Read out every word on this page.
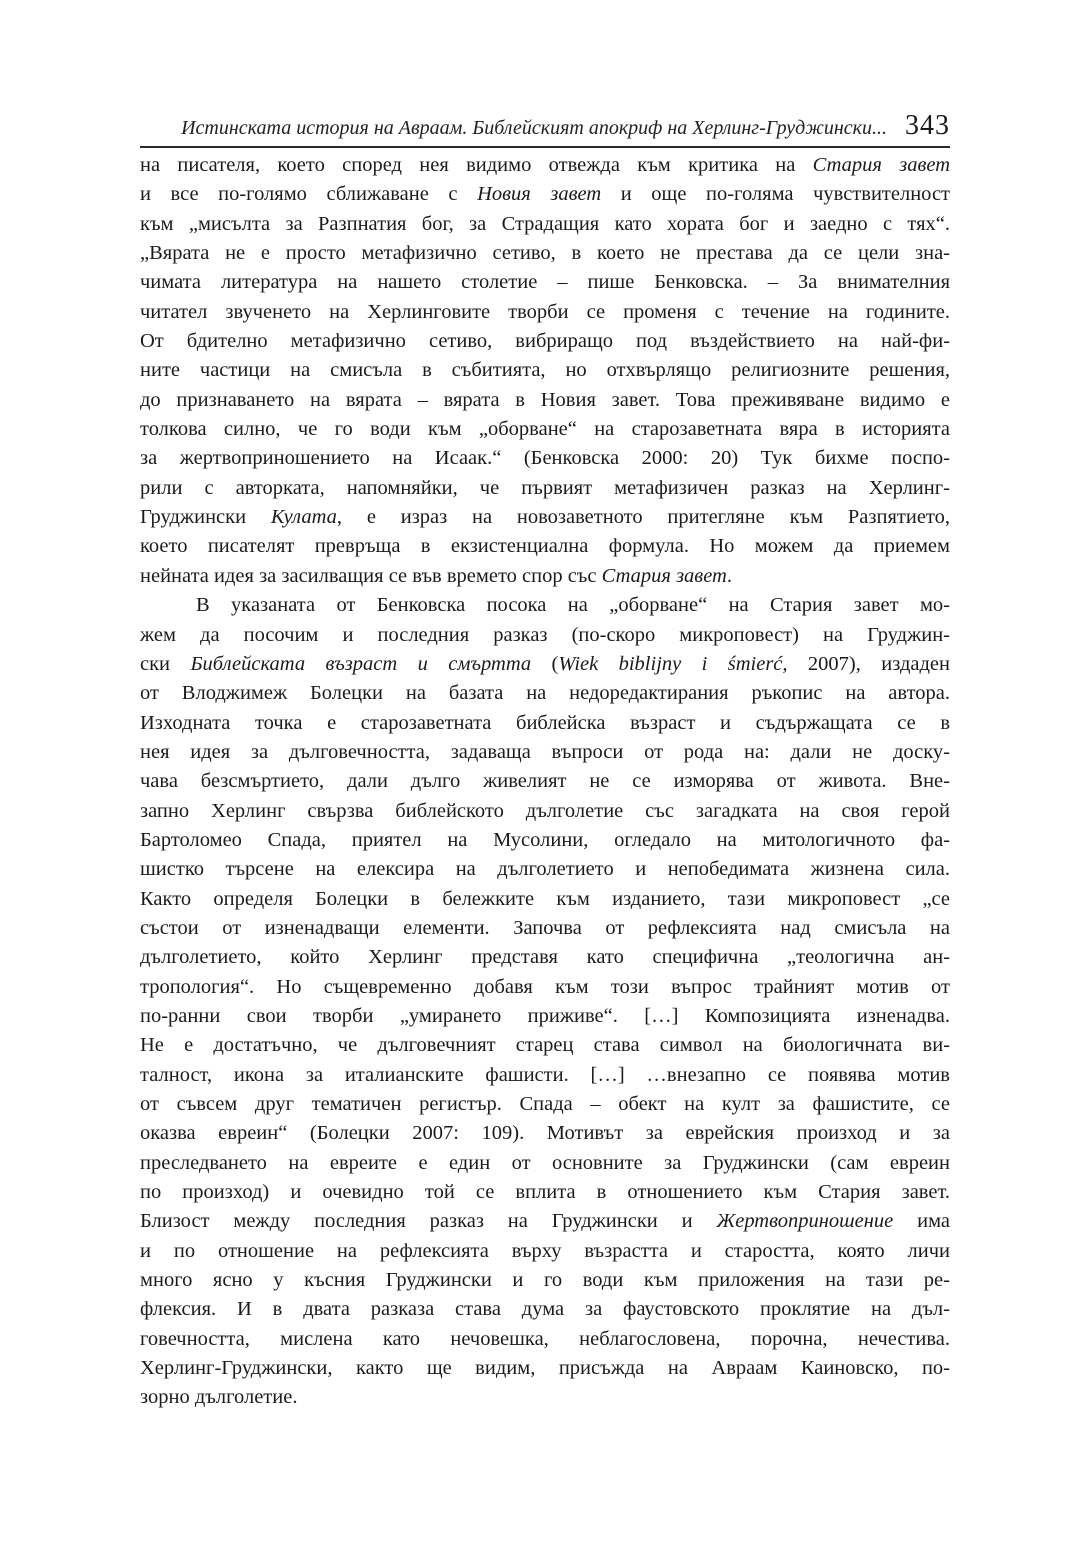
Истинската история на Авраам. Библейският апокриф на Херлинг-Груджински... 343
на писателя, което според нея видимо отвежда към критика на Стария завет
и все по-голямо сближаване с Новия завет и още по-голяма чувствителност
към „мисълта за Разпнатия бог, за Страдащия като хората бог и заедно с тях“.
„Вярата не е просто метафизично сетиво, в което не престава да се цели зна-
чимата литература на нашето столетие – пише Бенковска. – За внимателния
читател звученето на Херлинговите творби се променя с течение на годините.
От бдително метафизично сетиво, вибриращо под въздействието на най-фи-
ните частици на смисъла в събитията, но отхвърлящо религиозните решения,
до признаването на вярата – вярата в Новия завет. Това преживяване видимо е
толкова силно, че го води към „оборване“ на старозаветната вяра в историята
за жертвоприношението на Исаак.“ (Бенковска 2000: 20) Тук бихме поспо-
рили с авторката, напомняйки, че първият метафизичен разказ на Херлинг-
Груджински Кулата, е израз на новозаветното притегляне към Разпятието,
което писателят превръща в екзистенциална формула. Но можем да приемем
нейната идея за засилващия се във времето спор със Стария завет.
В указаната от Бенковска посока на „оборване“ на Стария завет мо-
жем да посочим и последния разказ (по-скоро микроповест) на Груджин-
ски Библейската възраст и смъртта (Wiek biblijny i śmierć, 2007), издаден
от Влоджимеж Болецки на базата на недоредактирания ръкопис на автора.
Изходната точка е старозаветната библейска възраст и съдържащата се в
нея идея за дълговечността, задаваща въпроси от рода на: дали не доску-
чава безсмъртието, дали дълго живелият не се изморява от живота. Вне-
запно Херлинг свързва библейското дълголетие със загадката на своя герой
Бартоломео Спада, приятел на Мусолини, огледало на митологичното фа-
шистко търсене на елексира на дълголетието и непобедимата жизнена сила.
Както определя Болецки в бележките към изданието, тази микроповест „се
състои от изненадващи елементи. Започва от рефлексията над смисъла на
дълголетието, който Херлинг представя като специфична „теологична ан-
тропология“. Но същевременно добавя към този въпрос трайният мотив от
по-ранни свои творби „умирането приживе“. […] Композицията изненадва.
Не е достатъчно, че дълговечният старец става символ на биологичната ви-
талност, икона за италианските фашисти. […] …внезапно се появява мотив
от съвсем друг тематичен регистър. Спада – обект на култ за фашистите, се
оказва евреин“ (Болецки 2007: 109). Мотивът за еврейския произход и за
преследването на евреите е един от основните за Груджински (сам евреин
по произход) и очевидно той се вплита в отношението към Стария завет.
Близост между последния разказ на Груджински и Жертвоприношение има
и по отношение на рефлексията върху възрастта и старостта, която личи
много ясно у късния Груджински и го води към приложения на тази ре-
флексия. И в двата разказа става дума за фаустовското проклятие на дъл-
говечността, мислена като нечовешка, неблагословена, порочна, нечестива.
Херлинг-Груджински, както ще видим, присъжда на Авраам Каиновско, по-
зорно дълголетие.
